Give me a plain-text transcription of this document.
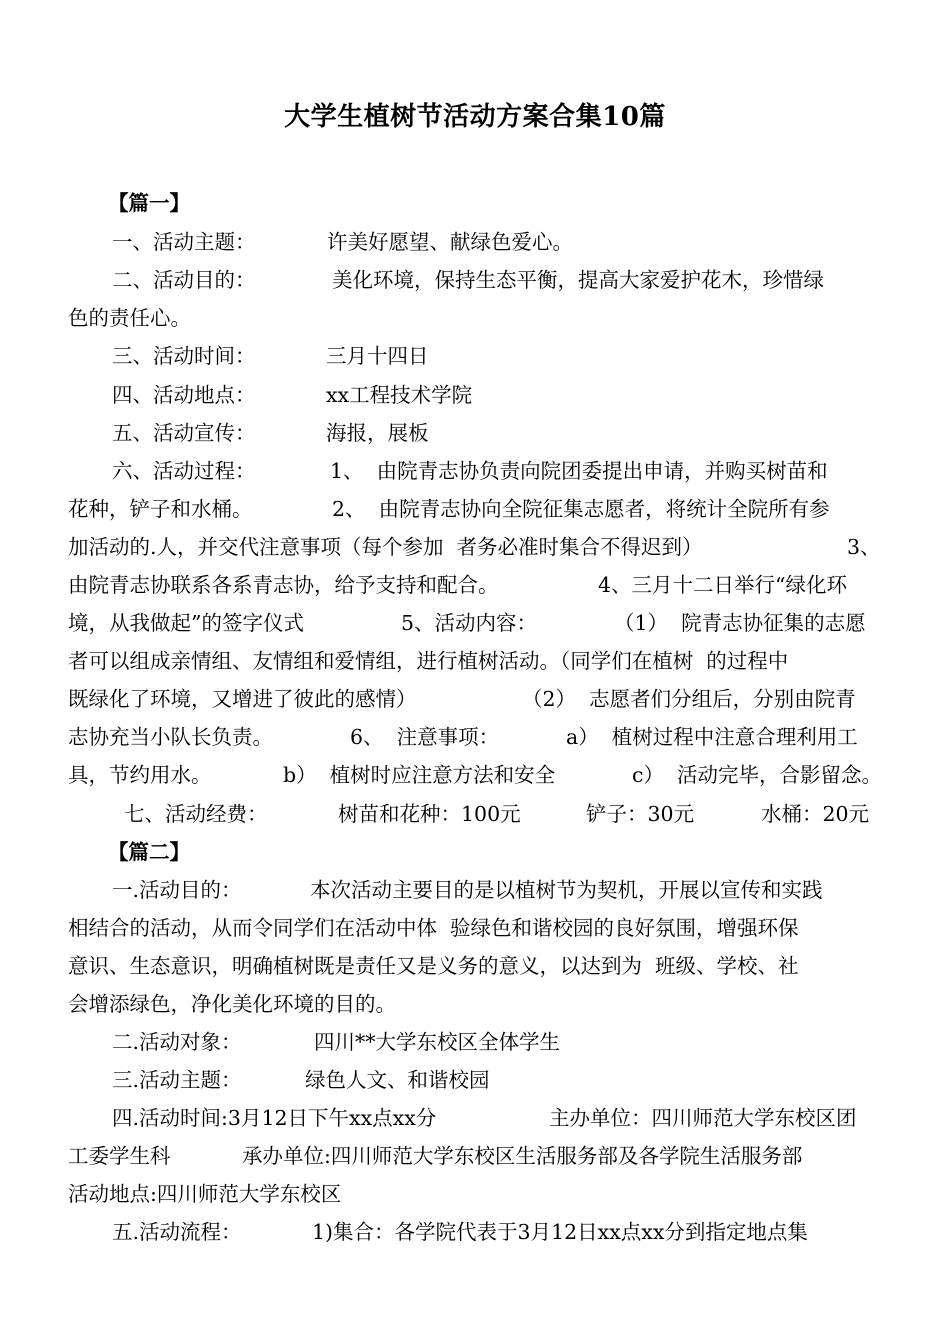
大学生植树节活动方案合集10篇
【篇一】
一、活动主题：	许美好愿望、献绿色爱心。
二、活动目的：	美化环境，保持生态平衡，提高大家爱护花木，珍惜绿
色的责任心。
三、活动时间：	三月十四日
四、活动地点：	xx工程技术学院
五、活动宣传：	海报，展板
六、活动过程：	1、  由院青志协负责向院团委提出申请，并购买树苗和
花种，铲子和水桶。	2、  由院青志协向全院征集志愿者，将统计全院所有参
加活动的.人，并交代注意事项（每个参加  者务必准时集合不得迟到）	3、
由院青志协联系各系青志协，给予支持和配合。	4、三月十二日举行“绿化环
境，从我做起”的签字仪式	5、活动内容：	（1）  院青志协征集的志愿
者可以组成亲情组、友情组和爱情组，进行植树活动。（同学们在植树  的过程中
既绿化了环境，又增进了彼此的感情）	（2）  志愿者们分组后，分别由院青
志协充当小队长负责。	6、  注意事项：	a）  植树过程中注意合理利用工
具，节约用水。	b）  植树时应注意方法和安全	c）  活动完毕，合影留念。
七、活动经费：	树苗和花种：100元	铲子：30元	水桶：20元
【篇二】
一.活动目的：	本次活动主要目的是以植树节为契机，开展以宣传和实践
相结合的活动，从而令同学们在活动中体  验绿色和谐校园的良好氛围，增强环保
意识、生态意识，明确植树既是责任又是义务的意义，以达到为  班级、学校、社
会增添绿色，净化美化环境的目的。
二.活动对象：	四川**大学东校区全体学生
三.活动主题：	绿色人文、和谐校园
四.活动时间:3月12日下午xx点xx分	主办单位：四川师范大学东校区团
工委学生科	承办单位:四川师范大学东校区生活服务部及各学院生活服务部
活动地点:四川师范大学东校区
五.活动流程：	1)集合：各学院代表于3月12日xx点xx分到指定地点集
